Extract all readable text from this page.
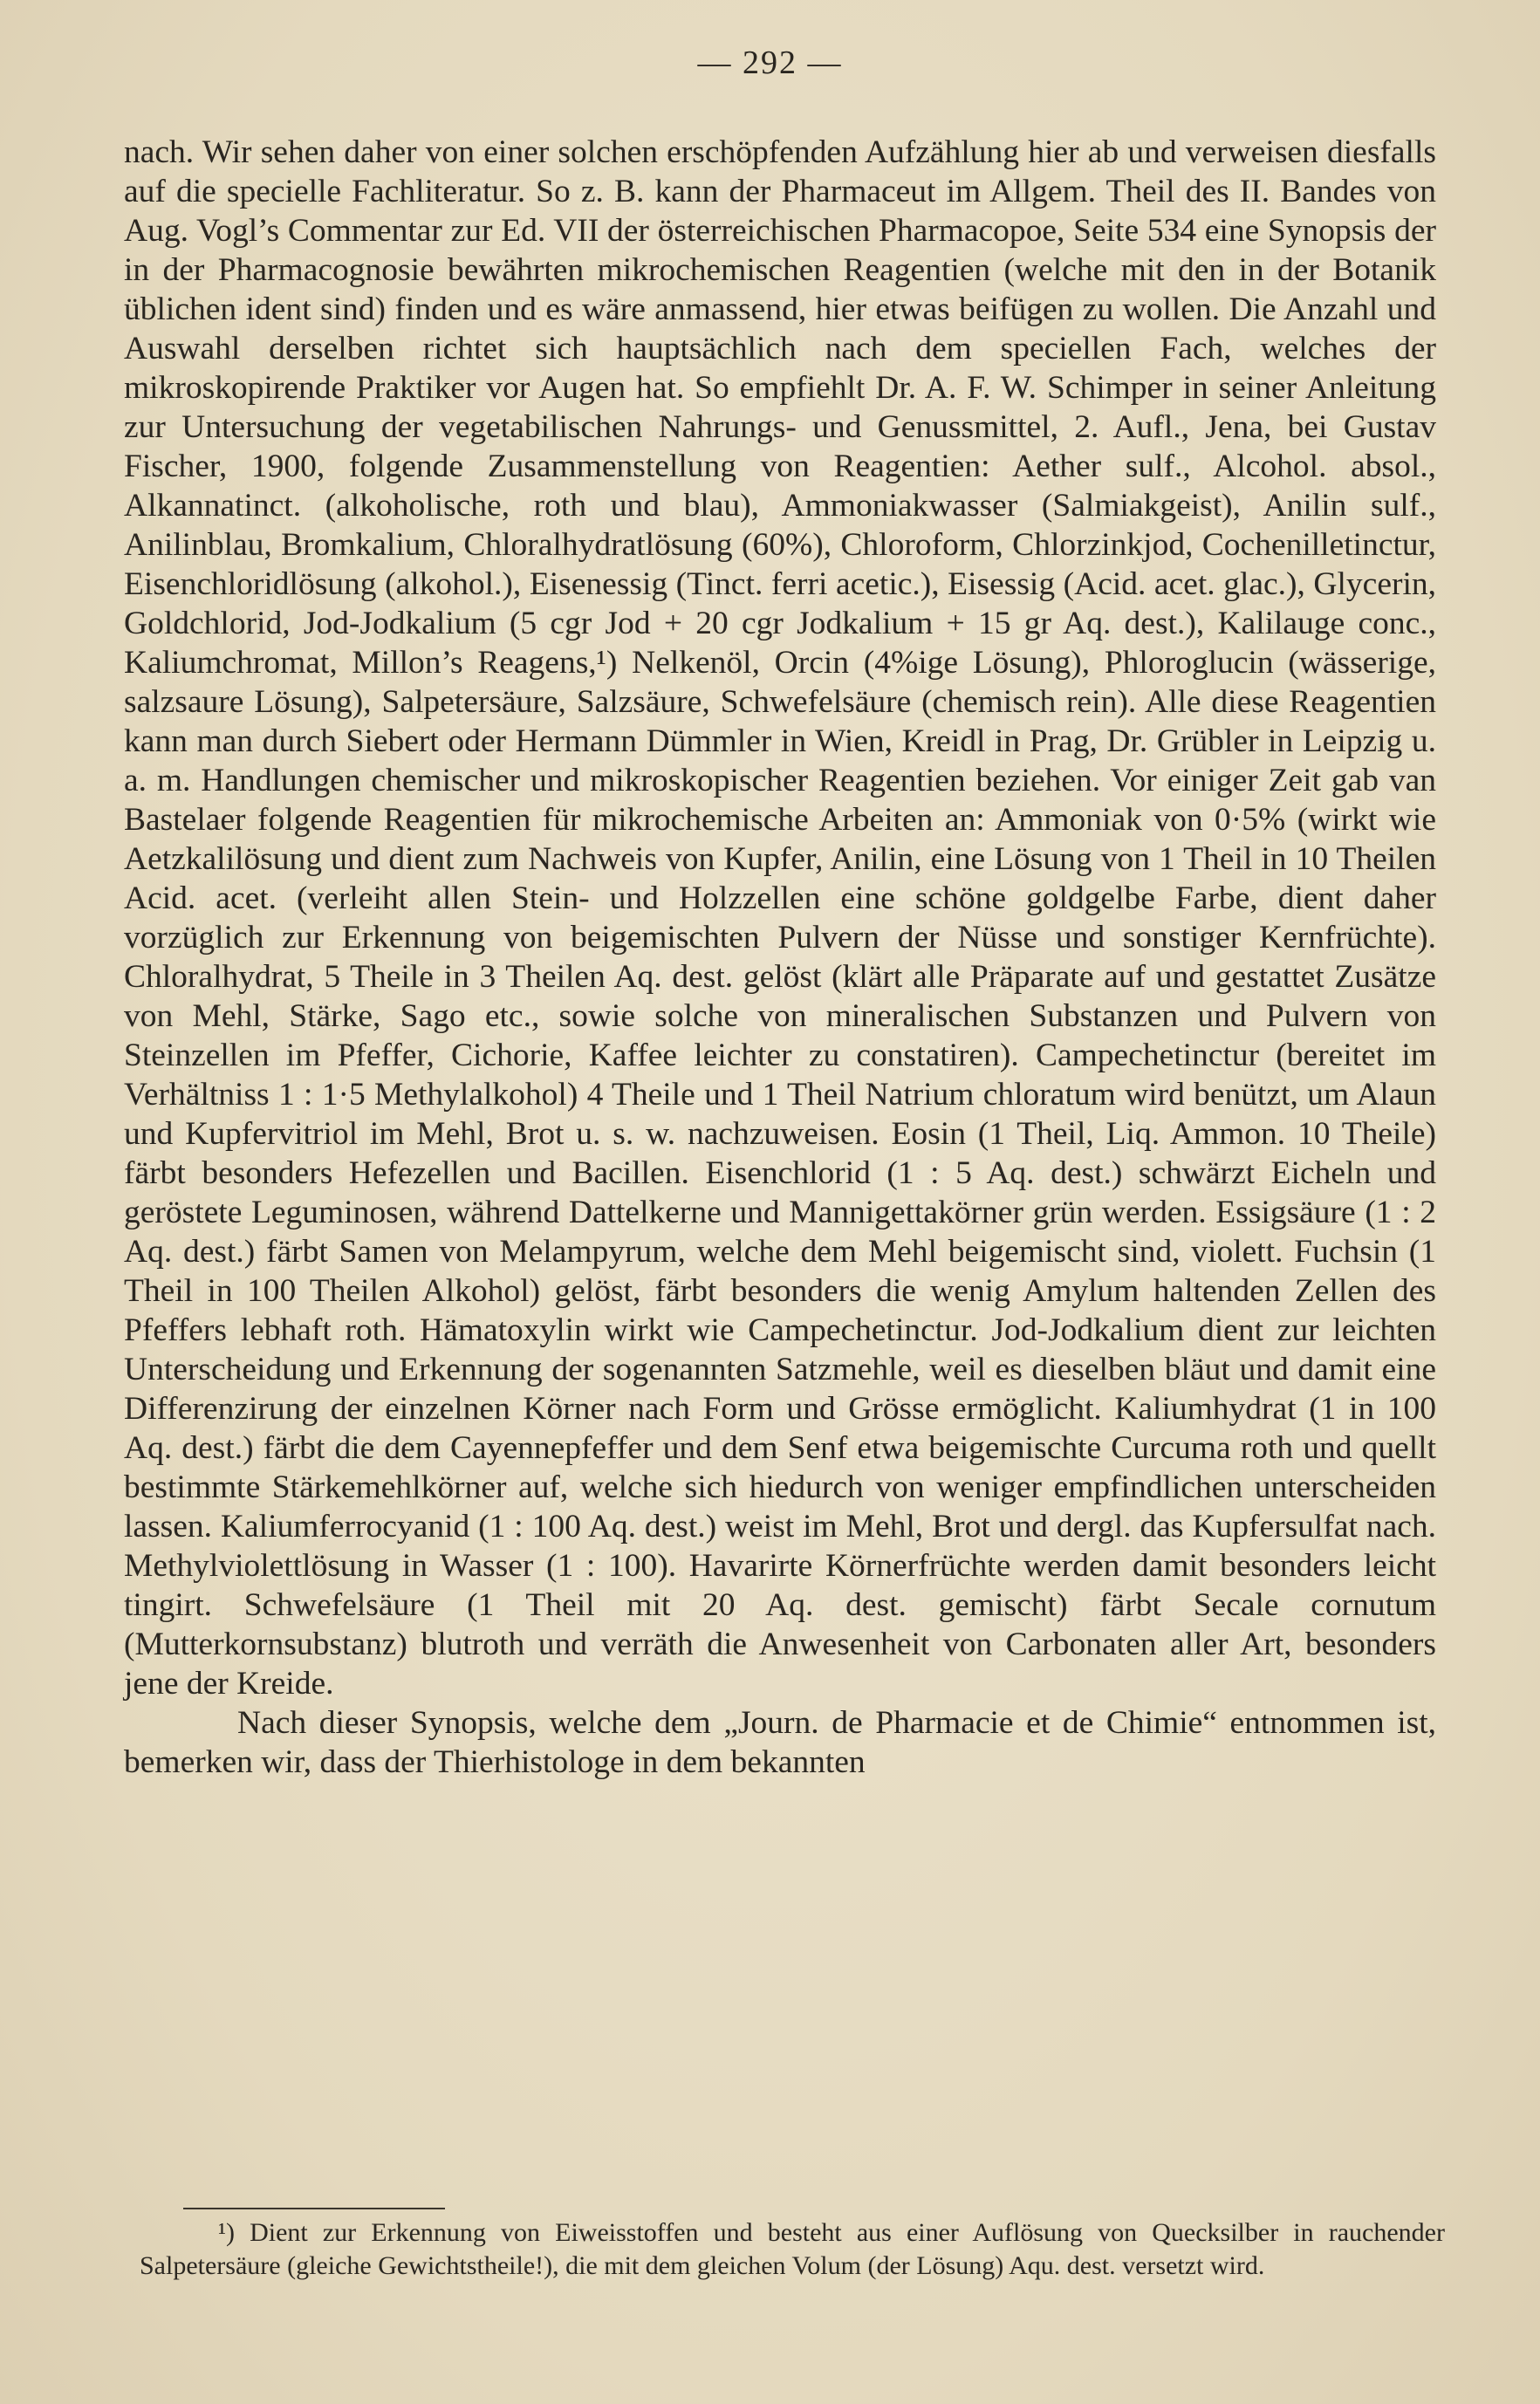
— 292 —

nach. Wir sehen daher von einer solchen erschöpfenden Aufzählung hier ab und verweisen diesfalls auf die specielle Fachliteratur. So z. B. kann der Pharmaceut im Allgem. Theil des II. Bandes von Aug. Vogl’s Commentar zur Ed. VII der österreichischen Pharmacopoe, Seite 534 eine Synopsis der in der Pharmacognosie bewährten mikrochemischen Reagentien (welche mit den in der Botanik üblichen ident sind) finden und es wäre anmassend, hier etwas beifügen zu wollen. Die Anzahl und Auswahl derselben richtet sich hauptsächlich nach dem speciellen Fach, welches der mikroskopirende Praktiker vor Augen hat. So empfiehlt Dr. A. F. W. Schimper in seiner Anleitung zur Untersuchung der vegetabilischen Nahrungs- und Genussmittel, 2. Aufl., Jena, bei Gustav Fischer, 1900, folgende Zusammenstellung von Reagentien: Aether sulf., Alcohol. absol., Alkannatinct. (alkoholische, roth und blau), Ammoniakwasser (Salmiakgeist), Anilin sulf., Anilinblau, Bromkalium, Chloralhydratlösung (60%), Chloroform, Chlorzinkjod, Cochenilletinctur, Eisenchloridlösung (alkohol.), Eisenessig (Tinct. ferri acetic.), Eisessig (Acid. acet. glac.), Glycerin, Goldchlorid, Jod-Jodkalium (5 cgr Jod + 20 cgr Jodkalium + 15 gr Aq. dest.), Kalilauge conc., Kaliumchromat, Millon’s Reagens,¹) Nelkenöl, Orcin (4%ige Lösung), Phloroglucin (wässerige, salzsaure Lösung), Salpetersäure, Salzsäure, Schwefelsäure (chemisch rein). Alle diese Reagentien kann man durch Siebert oder Hermann Dümmler in Wien, Kreidl in Prag, Dr. Grübler in Leipzig u. a. m. Handlungen chemischer und mikroskopischer Reagentien beziehen. Vor einiger Zeit gab van Bastelaer folgende Reagentien für mikrochemische Arbeiten an: Ammoniak von 0·5% (wirkt wie Aetzkalilösung und dient zum Nachweis von Kupfer, Anilin, eine Lösung von 1 Theil in 10 Theilen Acid. acet. (verleiht allen Stein- und Holzzellen eine schöne goldgelbe Farbe, dient daher vorzüglich zur Erkennung von beigemischten Pulvern der Nüsse und sonstiger Kernfrüchte). Chloralhydrat, 5 Theile in 3 Theilen Aq. dest. gelöst (klärt alle Präparate auf und gestattet Zusätze von Mehl, Stärke, Sago etc., sowie solche von mineralischen Substanzen und Pulvern von Steinzellen im Pfeffer, Cichorie, Kaffee leichter zu constatiren). Campechetinctur (bereitet im Verhältniss 1 : 1·5 Methylalkohol) 4 Theile und 1 Theil Natrium chloratum wird benützt, um Alaun und Kupfervitriol im Mehl, Brot u. s. w. nachzuweisen. Eosin (1 Theil, Liq. Ammon. 10 Theile) färbt besonders Hefezellen und Bacillen. Eisenchlorid (1 : 5 Aq. dest.) schwärzt Eicheln und geröstete Leguminosen, während Dattelkerne und Mannigettakörner grün werden. Essigsäure (1 : 2 Aq. dest.) färbt Samen von Melampyrum, welche dem Mehl beigemischt sind, violett. Fuchsin (1 Theil in 100 Theilen Alkohol) gelöst, färbt besonders die wenig Amylum haltenden Zellen des Pfeffers lebhaft roth. Hämatoxylin wirkt wie Campechetinctur. Jod-Jodkalium dient zur leichten Unterscheidung und Erkennung der sogenannten Satzmehle, weil es dieselben bläut und damit eine Differenzirung der einzelnen Körner nach Form und Grösse ermöglicht. Kaliumhydrat (1 in 100 Aq. dest.) färbt die dem Cayennepfeffer und dem Senf etwa beigemischte Curcuma roth und quellt bestimmte Stärkemehlkörner auf, welche sich hiedurch von weniger empfindlichen unterscheiden lassen. Kaliumferrocyanid (1 : 100 Aq. dest.) weist im Mehl, Brot und dergl. das Kupfersulfat nach. Methylviolettlösung in Wasser (1 : 100). Havarirte Körnerfrüchte werden damit besonders leicht tingirt. Schwefelsäure (1 Theil mit 20 Aq. dest. gemischt) färbt Secale cornutum (Mutterkornsubstanz) blutroth und verräth die Anwesenheit von Carbonaten aller Art, besonders jene der Kreide.

Nach dieser Synopsis, welche dem „Journ. de Pharmacie et de Chimie“ entnommen ist, bemerken wir, dass der Thierhistologe in dem bekannten

¹) Dient zur Erkennung von Eiweisstoffen und besteht aus einer Auflösung von Quecksilber in rauchender Salpetersäure (gleiche Gewichtstheile!), die mit dem gleichen Volum (der Lösung) Aqu. dest. versetzt wird.
